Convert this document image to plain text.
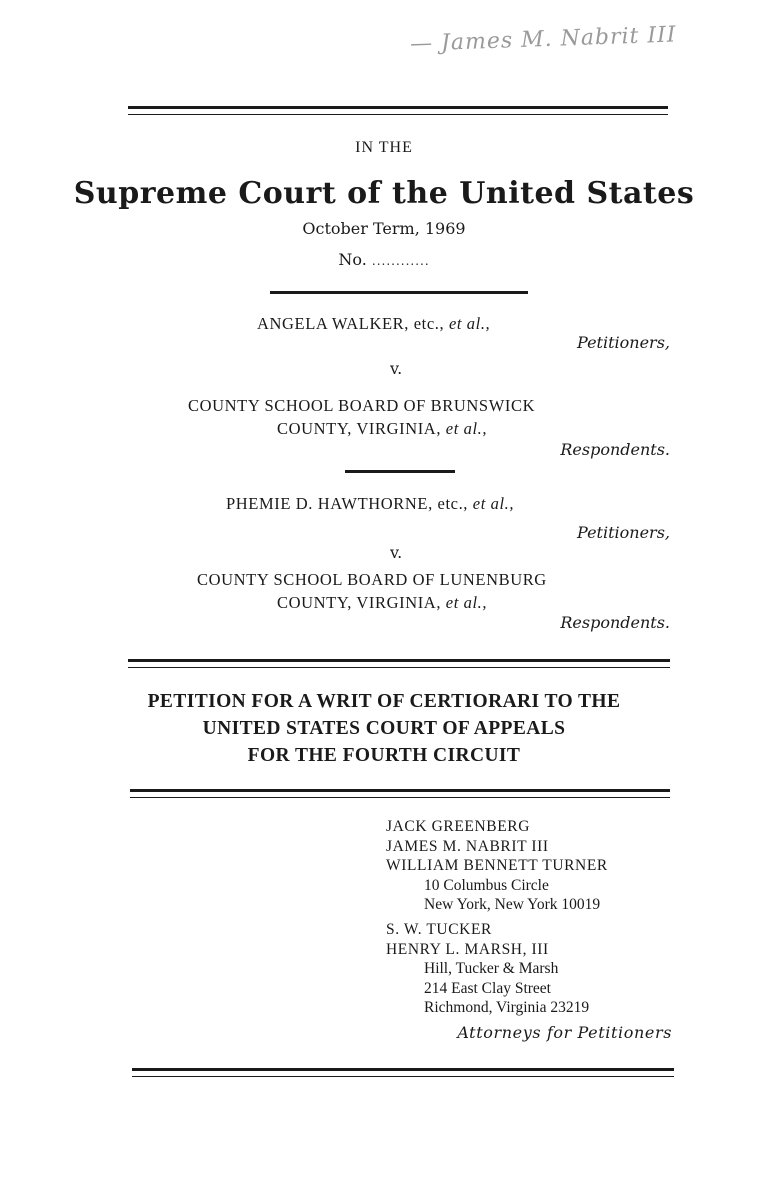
— James M. Nabrit III
IN THE
Supreme Court of the United States
October Term, 1969
No. ............
ANGELA WALKER, etc., et al.,
Petitioners,
v.
COUNTY SCHOOL BOARD OF BRUNSWICK
COUNTY, VIRGINIA, et al.,
Respondents.
PHEMIE D. HAWTHORNE, etc., et al.,
Petitioners,
v.
COUNTY SCHOOL BOARD OF LUNENBURG
COUNTY, VIRGINIA, et al.,
Respondents.
PETITION FOR A WRIT OF CERTIORARI TO THE
UNITED STATES COURT OF APPEALS
FOR THE FOURTH CIRCUIT
JACK GREENBERG
JAMES M. NABRIT III
WILLIAM BENNETT TURNER
10 Columbus Circle
New York, New York 10019
S. W. TUCKER
HENRY L. MARSH, III
Hill, Tucker & Marsh
214 East Clay Street
Richmond, Virginia 23219
Attorneys for Petitioners
